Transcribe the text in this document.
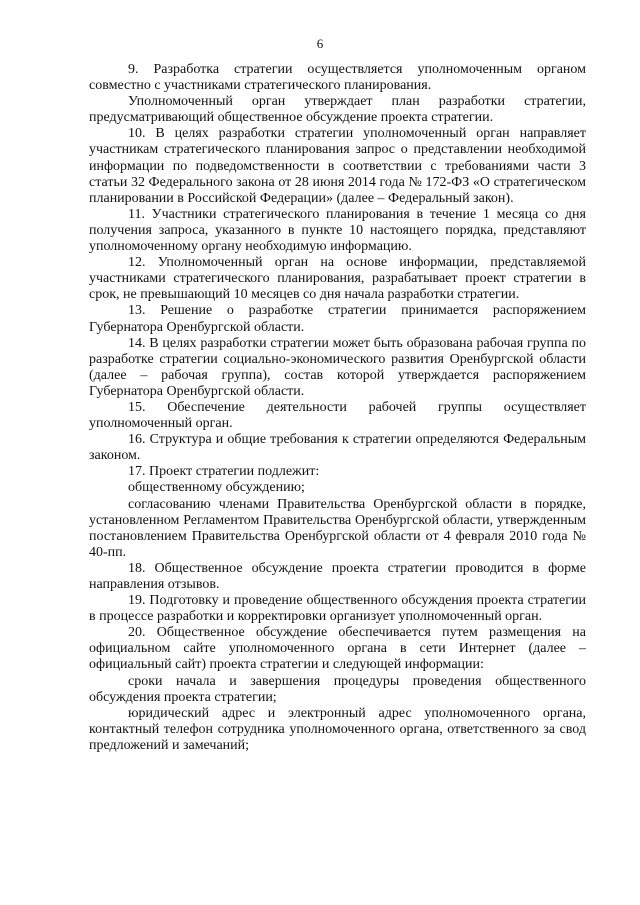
6

9. Разработка стратегии осуществляется уполномоченным органом совместно с участниками стратегического планирования.

Уполномоченный орган утверждает план разработки стратегии, предусматривающий общественное обсуждение проекта стратегии.

10. В целях разработки стратегии уполномоченный орган направляет участникам стратегического планирования запрос о представлении необходимой информации по подведомственности в соответствии с требованиями части 3 статьи 32 Федерального закона от 28 июня 2014 года № 172-ФЗ «О стратегическом планировании в Российской Федерации» (далее – Федеральный закон).

11. Участники стратегического планирования в течение 1 месяца со дня получения запроса, указанного в пункте 10 настоящего порядка, представляют уполномоченному органу необходимую информацию.

12. Уполномоченный орган на основе информации, представляемой участниками стратегического планирования, разрабатывает проект стратегии в срок, не превышающий 10 месяцев со дня начала разработки стратегии.

13. Решение о разработке стратегии принимается распоряжением Губернатора Оренбургской области.

14. В целях разработки стратегии может быть образована рабочая группа по разработке стратегии социально-экономического развития Оренбургской области (далее – рабочая группа), состав которой утверждается распоряжением Губернатора Оренбургской области.

15. Обеспечение деятельности рабочей группы осуществляет уполномоченный орган.

16. Структура и общие требования к стратегии определяются Федеральным законом.

17. Проект стратегии подлежит:

общественному обсуждению;

согласованию членами Правительства Оренбургской области в порядке, установленном Регламентом Правительства Оренбургской области, утвержденным постановлением Правительства Оренбургской области от 4 февраля 2010 года № 40-пп.

18. Общественное обсуждение проекта стратегии проводится в форме направления отзывов.

19. Подготовку и проведение общественного обсуждения проекта стратегии в процессе разработки и корректировки организует уполномоченный орган.

20. Общественное обсуждение обеспечивается путем размещения на официальном сайте уполномоченного органа в сети Интернет (далее – официальный сайт) проекта стратегии и следующей информации:

сроки начала и завершения процедуры проведения общественного обсуждения проекта стратегии;

юридический адрес и электронный адрес уполномоченного органа, контактный телефон сотрудника уполномоченного органа, ответственного за свод предложений и замечаний;
